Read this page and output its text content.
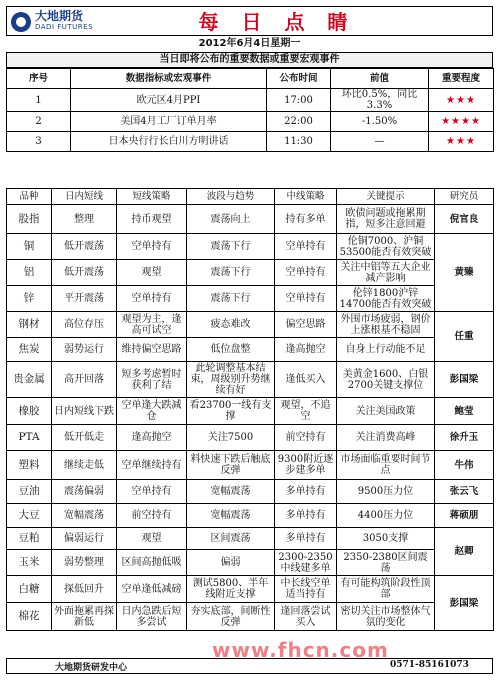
大地期货
DADI FUTURES	每 日 点 睛
2012年6月4日星期一
当日即将公布的重要数据或重要宏观事件
序号	数据指标或宏观事件	公布时间	前值	重要程度
1	欧元区4月PPI	17:00	环比0.5%，同比3.3%	★★★
2	美国4月工厂订单月率	22:00	-1.50%	★★★★
3	日本央行行长白川方明讲话	11:30	—	★★★
品种	日内短线	短线策略	波段与趋势	中线策略	关键提示	研究员
股指	整理	持币观望	震荡向上	持有多单	欧债问题或拖累期指，短多注意回避	倪官良
铜	低开震荡	空单持有	震荡下行	空单持有	伦铜7000、沪铜53500能否有效突破	黄臻
铝	低开震荡	观望	震荡下行	空单持有	关注中铝等五大企业减产影响	
锌	平开震荡	空单持有	震荡下行	空单持有	伦锌1800沪锌14700能否有效突破	
钢材	高位存压	观望为主，逢高可试空	疲态难改	偏空思路	外围市场疲弱，钢价上涨根基不稳固	任重
焦炭	弱势运行	维持偏空思路	低位盘整	逢高抛空	自身上行动能不足	
贵金属	高开回落	短多考虑暂时获利了结	此轮调整基本结束，周级别升势继续有好	逢低买入	美黄金1600、白银2700关键支撑位	彭国梁
橡胶	日内短线下跌	空单逢大跌减仓	看23700一线有支撑	观望，不追空	关注美国政策	鲍莹
PTA	低开低走	逢高抛空	关注7500	前空持有	关注消费高峰	徐升玉
塑料	继续走低	空单继续持有	料快速下跌后触底反弹	9300附近逐步建多单	市场面临重要时间节点	牛伟
豆油	震荡偏弱	空单持有	宽幅震荡	多单持有	9500压力位	张云飞
大豆	宽幅震荡	前空持有	宽幅震荡	多单持有	4400压力位	蒋硕朋
豆粕	偏弱运行	观望	区间震荡	多单持有	3050支撑	赵卿
玉米	弱势整理	区间高抛低吸	偏弱	2300-2350中线建多单	2350-2380区间震荡	
白糖	探低回升	空单逢低减磅	测试5800、半年线附近支撑	中长线空单适当持有	有可能构筑阶段性顶部	彭国梁
棉花	外面拖累再探新低	日内急跌后短多尝试	夯实底部，间断性反弹	逢回落尝试买入	密切关注市场整体气氛的变化	
www.fhcn.com
大地期货研发中心	0571-85161073
